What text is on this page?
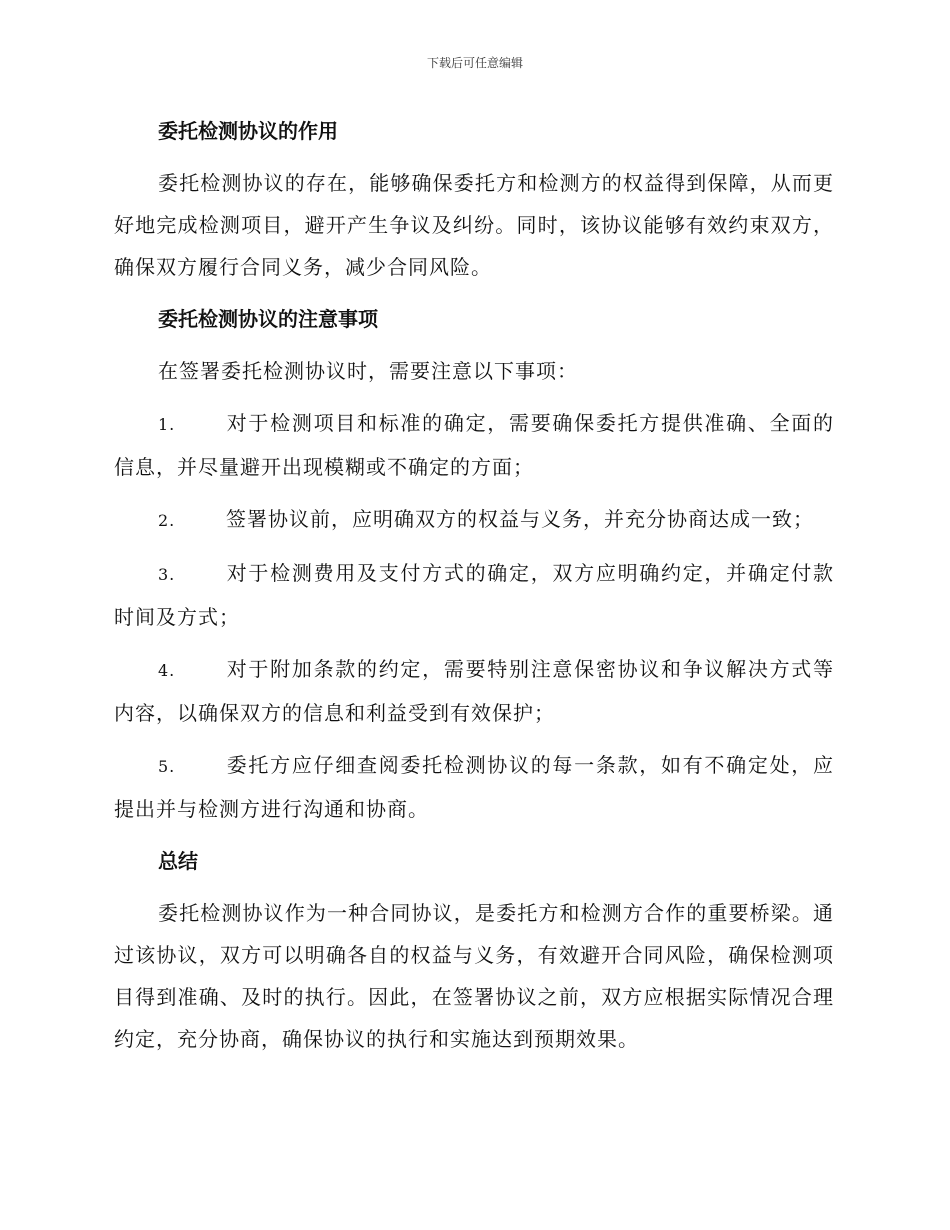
下载后可任意编辑
委托检测协议的作用
委托检测协议的存在，能够确保委托方和检测方的权益得到保障，从而更好地完成检测项目，避开产生争议及纠纷。同时，该协议能够有效约束双方，确保双方履行合同义务，减少合同风险。
委托检测协议的注意事项
在签署委托检测协议时，需要注意以下事项：
1.	对于检测项目和标准的确定，需要确保委托方提供准确、全面的信息，并尽量避开出现模糊或不确定的方面；
2.	签署协议前，应明确双方的权益与义务，并充分协商达成一致；
3.	对于检测费用及支付方式的确定，双方应明确约定，并确定付款时间及方式；
4.	对于附加条款的约定，需要特别注意保密协议和争议解决方式等内容，以确保双方的信息和利益受到有效保护；
5.	委托方应仔细查阅委托检测协议的每一条款，如有不确定处，应提出并与检测方进行沟通和协商。
总结
委托检测协议作为一种合同协议，是委托方和检测方合作的重要桥梁。通过该协议，双方可以明确各自的权益与义务，有效避开合同风险，确保检测项目得到准确、及时的执行。因此，在签署协议之前，双方应根据实际情况合理约定，充分协商，确保协议的执行和实施达到预期效果。
